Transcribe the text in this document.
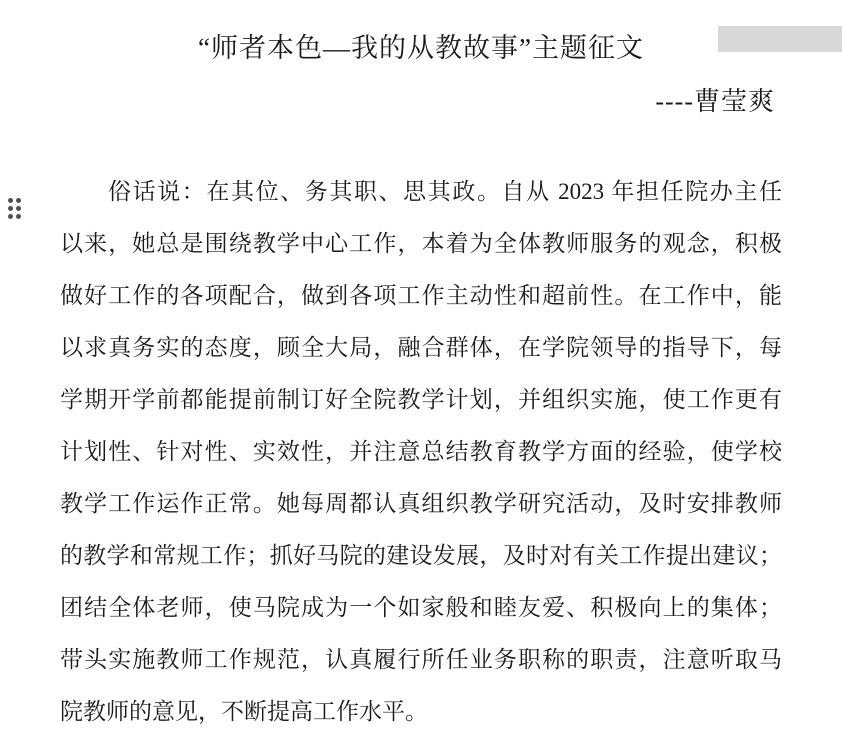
“师者本色—我的从教故事”主题征文
----曹莹爽
俗话说：在其位、务其职、思其政。自从 2023 年担任院办主任
以来，她总是围绕教学中心工作，本着为全体教师服务的观念，积极
做好工作的各项配合，做到各项工作主动性和超前性。在工作中，能
以求真务实的态度，顾全大局，融合群体，在学院领导的指导下，每
学期开学前都能提前制订好全院教学计划，并组织实施，使工作更有
计划性、针对性、实效性，并注意总结教育教学方面的经验，使学校
教学工作运作正常。她每周都认真组织教学研究活动，及时安排教师
的教学和常规工作；抓好马院的建设发展，及时对有关工作提出建议；
团结全体老师，使马院成为一个如家般和睦友爱、积极向上的集体；
带头实施教师工作规范，认真履行所任业务职称的职责，注意听取马
院教师的意见，不断提高工作水平。
